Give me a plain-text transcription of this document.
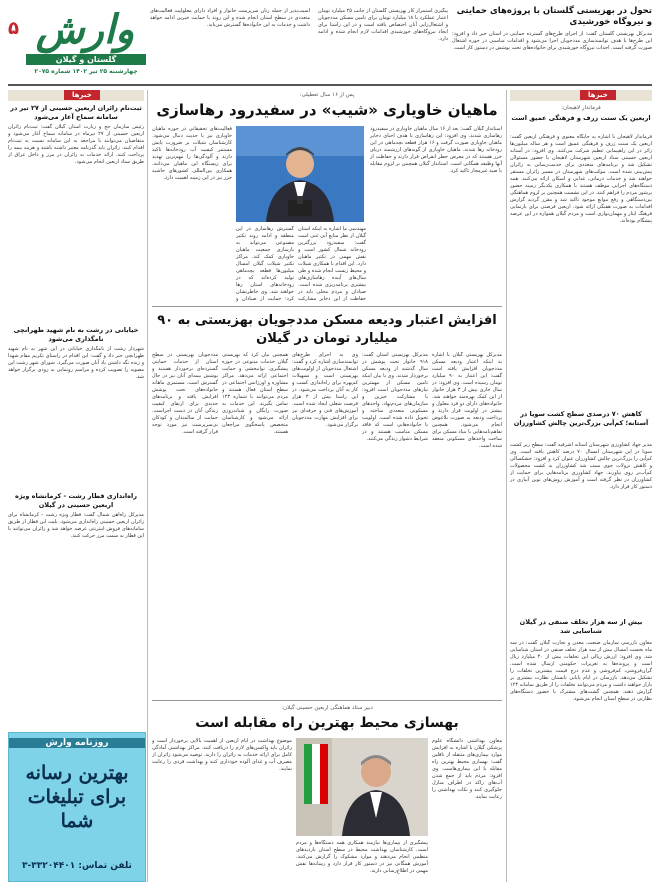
وارش
۵
گلستان و گیلان
چهارشنبه ۲۵ تیر ۱۴۰۲ شماره ۲۰۷۵
آسیب‌پذیر از جمله زنان سرپرست خانوار و افراد دارای معلولیت فعالیت‌های متعددی در سطح استان انجام شده و این روند با حمایت خیرین ادامه خواهد داشت و خدمات به این خانواده‌ها گسترش می‌یابد.
پیگیری استمرار کار بهزیستی گلستان از جانب ۲۵ میلیارد تومان اعتبار عملکرد با ۱۸ میلیارد تومان برای تامین مسکن مددجویان و اشتغال‌زایی آنان اختصاص یافته است و در این راستا برای ایجاد نیروگاه‌های خورشیدی اقدامات لازم انجام شده و ادامه دارد.
تحول در بهزیستی گلستان با پروژه‌های حمایتی و نیروگاه خورشیدی
مدیرکل بهزیستی گلستان گفت: از اجرای طرح‌های گسترده حمایتی در استان خبر داد و افزود: این طرح‌ها با هدف توانمندسازی مددجویان اجرا می‌شود و اقدامات مناسبی در حوزه اشتغال صورت گرفته است. احداث نیروگاه خورشیدی برای خانواده‌های تحت پوشش در دستور کار است.
خبرها
ثبت‌نام زائران اربعین حسینی از ۲۷ تیر در سامانه سماح آغاز می‌شود
رئیس سازمان حج و زیارت استان گیلان گفت: ثبت‌نام زائران اربعین حسینی از ۲۷ تیرماه در سامانه سماح آغاز می‌شود و متقاضیان می‌توانند با مراجعه به این سامانه نسبت به ثبت‌نام اقدام کنند. زائران باید گذرنامه معتبر داشته باشند و هزینه بیمه را پرداخت کنند. ارائه خدمات به زائران در مرز و داخل عراق از طریق ستاد اربعین انجام می‌شود.
خیابانی در رشت به نام شهید طهرانچی نامگذاری می‌شود
شهردار رشت از نامگذاری خیابانی در این شهر به نام شهید طهرانچی خبر داد و گفت: این اقدام در راستای تکریم مقام شهدا و زنده نگه داشتن یاد آنان صورت می‌گیرد. شورای شهر رشت این مصوبه را تصویب کرده و مراسم رونمایی به زودی برگزار خواهد شد.
راه‌اندازی قطار رشت - کرمانشاه ویژه اربعین حسینی در گیلان
مدیرکل راه‌آهن شمال گفت: قطار ویژه رشت - کرمانشاه برای زائران اربعین حسینی راه‌اندازی می‌شود. بلیت این قطار از طریق سامانه‌های فروش اینترنتی عرضه خواهد شد و زائران می‌توانند با این قطار به سمت مرز حرکت کنند.
روزنامه وارش
بهترین رسانه برای تبلیغات شما
تلفن تماس: ۳۳۲۰۴۴۰۱-۳
خبرها
فرماندار لاهیجان:
اربعین یک سنت زرف و فرهنگی عمیق است
فرماندار لاهیجان با اشاره به جایگاه معنوی و فرهنگی اربعین گفت: اربعین یک سنت ژرف و فرهنگی عمیق است و هر ساله میلیون‌ها زائر در این راهپیمایی عظیم شرکت می‌کنند. وی افزود: در آستانه اربعین حسینی ستاد اربعین شهرستان لاهیجان با حضور مسئولان تشکیل شد و برنامه‌های متعددی برای خدمت‌رسانی به زائران پیش‌بینی شده است. موکب‌های شهرستان در مسیر زائران مستقر خواهند شد و خدمات درمانی، غذایی و اسکان ارائه می‌کنند. همه دستگاه‌های اجرایی موظف هستند با همکاری یکدیگر زمینه حضور پرشور مردم را فراهم کنند. در این نشست همچنین بر لزوم هماهنگی بین‌دستگاهی و رفع موانع موجود تاکید شد و مقرر گردید گزارش اقدامات به صورت هفتگی ارائه شود. اربعین فرصتی برای بازنمایی فرهنگ ایثار و مهمان‌نوازی است و مردم گیلان همواره در این عرصه پیشگام بوده‌اند.
کاهش ۷۰ درصدی سطح کشت سویا در آستانه؛ کم‌آبی بزرگ‌ترین چالش کشاورزان
مدیر جهاد کشاورزی شهرستان آستانه اشرفیه گفت: سطح زیر کشت سویا در این شهرستان امسال ۷۰ درصد کاهش یافته است. وی کم‌آبی را بزرگ‌ترین چالش کشاورزان عنوان کرد و افزود: خشکسالی و کاهش نزولات جوی سبب شد کشاورزان به کشت محصولات کم‌آب‌بر روی بیاورند. جهاد کشاورزی برنامه‌هایی برای حمایت از کشاورزان در نظر گرفته است و آموزش روش‌های نوین آبیاری در دستور کار قرار دارد.
بیش از سه هزار تخلف صنفی در گیلان شناسایی شد
معاون بازرسی سازمان صنعت، معدن و تجارت گیلان گفت: در سه ماه نخست امسال بیش از سه هزار تخلف صنفی در استان شناسایی شد. وی افزود: ارزش ریالی این تخلفات بیش از ۴۰ میلیارد ریال است و پرونده‌ها به تعزیرات حکومتی ارسال شده است. گران‌فروشی، کم‌فروشی و عدم درج قیمت بیشترین تخلفات را تشکیل می‌دهد. بازرسان در ایام پایانی تابستان نظارت بیشتری بر بازار خواهند داشت و مردم می‌توانند تخلفات را از طریق سامانه ۱۲۴ گزارش دهند. همچنین گشت‌های مشترک با حضور دستگاه‌های نظارتی در سطح استان انجام می‌شود.
پس از ۱۶ سال تعطیلی:
ماهیان خاویاری «شیب» در سفیدرود رهاسازی
استاندار گیلان گفت: بعد از ۱۶ سال ماهیان خاویاری در سفیدرود رهاسازی شدند. وی افزود: این رهاسازی با هدف احیای ذخایر ماهیان خاویاری صورت گرفت و ۱۶ هزار قطعه بچه‌ماهی در این رودخانه رها شدند. ماهیان خاویاری از گونه‌های ارزشمند دریای خزر هستند که در معرض خطر انقراض قرار دارند و حفاظت از آنها وظیفه همگانی است. استاندار گیلان همچنین بر لزوم مقابله با صید غیرمجاز تاکید کرد.
مهندسی ما اشاره به اینکه استان گیلان از نظر منابع آبی غنی است گفت: سفیدرود بزرگترین رودخانه شمال کشور است و نقش مهمی در تکثیر ماهیان دارد. این اقدام با همکاری شیلات و محیط زیست انجام شده و طی سال‌های آینده رهاسازی‌های بیشتری برنامه‌ریزی شده است. صیادان و مردم محلی باید در حفاظت از این ذخایر مشارکت
گسترش رهاسازی در این منطقه و ادامه روند تکثیر مصنوعی می‌تواند به بازسازی جمعیت ماهیان خاویاری کمک کند. مراکز تکثیر شیلات گیلان امسال میلیون‌ها قطعه بچه‌ماهی تولید کرده‌اند که در رودخانه‌های استان رها خواهند شد. وی خاطرنشان کرد: حمایت از صیادان و
فعالیت‌های تحقیقاتی در حوزه ماهیان خاویاری نیز با جدیت دنبال می‌شود. کارشناسان شیلات بر ضرورت پایش مستمر کیفیت آب رودخانه‌ها تاکید دارند و آلودگی‌ها را مهم‌ترین تهدید برای زیستگاه این ماهیان می‌دانند. همکاری بین‌المللی کشورهای حاشیه خزر نیز در این زمینه اهمیت دارد.
افزایش اعتبار ودیعه مسکن مددجویان بهزیستی به ۹۰ میلیارد تومان در گیلان
مدیرکل بهزیستی گیلان با اشاره به اینکه اعتبار ودیعه مسکن مددجویان افزایش یافته است گفت: این اعتبار به ۹۰ میلیارد تومان رسیده است. وی افزود: در سال جاری بیش از ۳ هزار خانوار از این کمک بهره‌مند خواهند شد. خانواده‌های دارای دو فرد معلول و بیشتر در اولویت قرار دارند و پرداخت ودیعه به صورت بلاعوض انجام می‌شود. همچنین تفاهم‌نامه‌هایی با بنیاد مسکن برای ساخت واحدهای مسکونی منعقد شده است.
مدیرکل بهزیستی استان گفت: ۹۱۸ خانوار تحت پوشش در سال گذشته از ودیعه مسکن برخوردار شدند. وی با بیان اینکه تامین مسکن از مهمترین نیازهای مددجویان است افزود: با مشارکت خیرین و سازمان‌های مردم‌نهاد، واحدهای مسکونی متعددی ساخته و تحویل داده شده است. اولویت با خانواده‌هایی است که فاقد مسکن مناسب هستند و در شرایط دشوار زندگی می‌کنند.
وی به اجرای طرح‌های توانمندسازی اشاره کرد و گفت: اشتغال مددجویان از اولویت‌های بهزیستی است و تسهیلات کم‌بهره برای راه‌اندازی کسب و کار به آنان پرداخت می‌شود. در این راستا بیش از ۴ هزار فرصت شغلی ایجاد شده است. آموزش‌های فنی و حرفه‌ای نیز برای افزایش مهارت مددجویان برگزار می‌شود.
همچنین بیان کرد که بهزیستی گیلان خدمات متنوعی در حوزه پیشگیری، توانبخشی و حمایت اجتماعی ارائه می‌دهد. مراکز مشاوره و اورژانس اجتماعی در سطح استان فعال هستند و مردم می‌توانند با شماره ۱۲۳ تماس بگیرند. این خدمات به صورت رایگان و شبانه‌روزی ارائه می‌شود و کارشناسان متخصص پاسخگوی مراجعان هستند.
مددجویان بهزیستی در سطح استان از خدمات حمایتی گسترده‌ای برخوردار هستند و پوشش بیمه‌ای آنان نیز در حال گسترش است. مستمری ماهانه خانواده‌های تحت پوشش افزایش یافته و برنامه‌های جدیدی برای ارتقای کیفیت زندگی آنان در دست اجراست. حمایت از سالمندان و کودکان بی‌سرپرست نیز مورد توجه قرار گرفته است.
دبیر ستاد هماهنگی اربعین حسینی گیلان:
بهسازی محیط بهترین راه مقابله است
معاون بهداشتی دانشگاه علوم پزشکی گیلان با اشاره به افزایش موارد بیماری‌های منتقله از ناقلین گفت: بهسازی محیط بهترین راه مقابله با این بیماری‌هاست. وی افزود: مردم باید از جمع شدن آب‌های راکد در اطراف منازل جلوگیری کنند و نکات بهداشتی را رعایت نمایند.
پیشگیری از بیماری‌ها نیازمند همکاری همه دستگاه‌ها و مردم است. کارشناسان بهداشت محیط در سطح استان بازدیدهای منظمی انجام می‌دهند و موارد مشکوک را گزارش می‌کنند. آموزش همگانی نیز در دستور کار قرار دارد و رسانه‌ها نقش مهمی در اطلاع‌رسانی دارند.
موضوع بهداشت در ایام اربعین از اهمیت بالایی برخوردار است و زائران باید واکسن‌های لازم را دریافت کنند. مراکز بهداشتی آمادگی کامل برای ارائه خدمات به زائران را دارند. توصیه می‌شود زائران از مصرف آب و غذای آلوده خودداری کنند و بهداشت فردی را رعایت نمایند.
